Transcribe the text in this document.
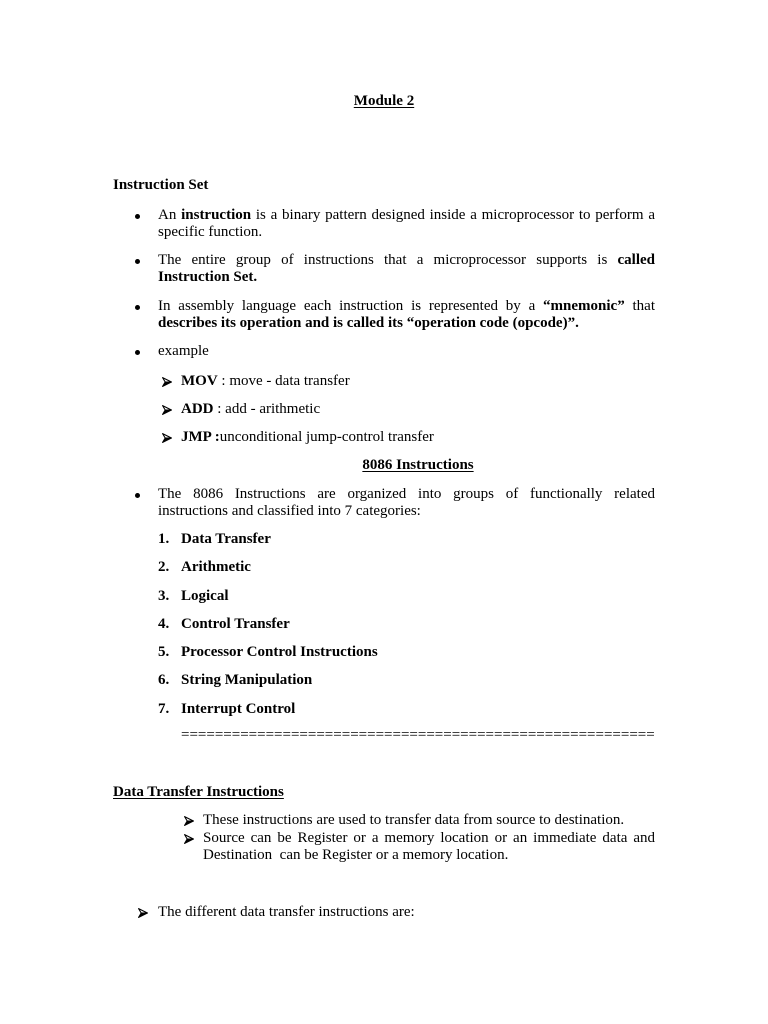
Module 2
Instruction Set
An instruction is a binary pattern designed inside a microprocessor to perform a
specific function.
The entire group of instructions that a microprocessor supports is called
Instruction Set.
In assembly language each instruction is represented by a “mnemonic” that
describes its operation and is called its “operation code (opcode)”.
example
MOV : move - data transfer
ADD : add - arithmetic
JMP :unconditional jump-control transfer
8086 Instructions
The 8086 Instructions are organized into groups of functionally related
instructions and classified into 7 categories:
1. Data Transfer
2. Arithmetic
3. Logical
4. Control Transfer
5. Processor Control Instructions
6. String Manipulation
7. Interrupt Control
========================================================
Data Transfer Instructions
These instructions are used to transfer data from source to destination.
Source can be Register or a memory location or an immediate data and
Destination  can be Register or a memory location.
The different data transfer instructions are:
